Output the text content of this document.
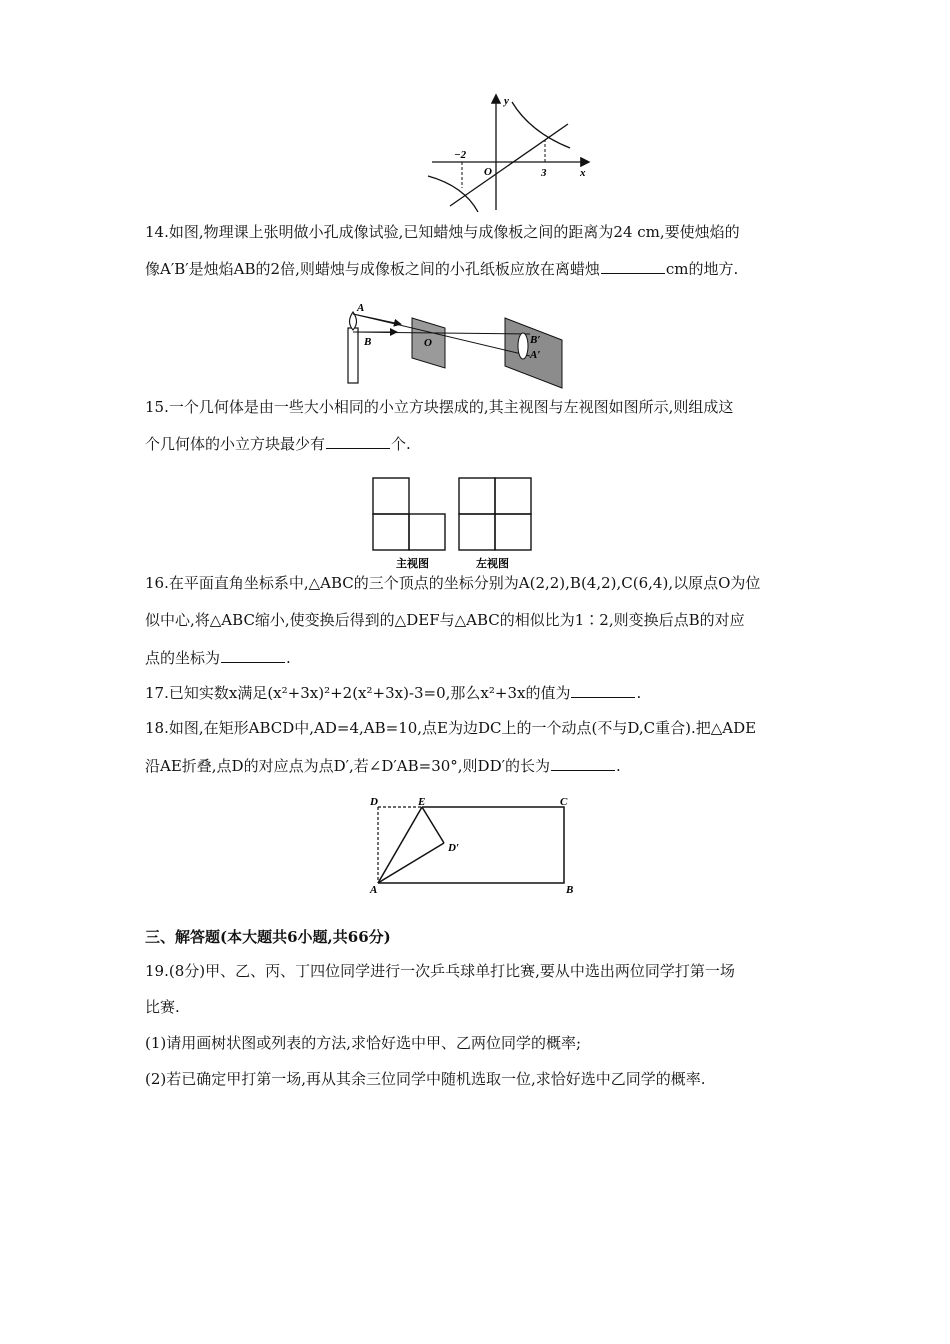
y
x
O
−2
3
14.如图,物理课上张明做小孔成像试验,已知蜡烛与成像板之间的距离为24 cm,要使烛焰的
像A′B′是烛焰AB的2倍,则蜡烛与成像板之间的小孔纸板应放在离蜡烛	cm的地方.
A
B	O	B′
A′
15.一个几何体是由一些大小相同的小立方块摆成的,其主视图与左视图如图所示,则组成这
个几何体的小立方块最少有	个.
主视图	左视图
16.在平面直角坐标系中,△ABC的三个顶点的坐标分别为A(2,2),B(4,2),C(6,4),以原点O为位
似中心,将△ABC缩小,使变换后得到的△DEF与△ABC的相似比为1∶2,则变换后点B的对应
点的坐标为	.
17.已知实数x满足(x²+3x)²+2(x²+3x)-3=0,那么x²+3x的值为	.
18.如图,在矩形ABCD中,AD=4,AB=10,点E为边DC上的一个动点(不与D,C重合).把△ADE
沿AE折叠,点D的对应点为点D′,若∠D′AB=30°,则DD′的长为	.
D	E	C
D′
A	B
三、解答题(本大题共6小题,共66分)
19.(8分)甲、乙、丙、丁四位同学进行一次乒乓球单打比赛,要从中选出两位同学打第一场
比赛.
(1)请用画树状图或列表的方法,求恰好选中甲、乙两位同学的概率;
(2)若已确定甲打第一场,再从其余三位同学中随机选取一位,求恰好选中乙同学的概率.
